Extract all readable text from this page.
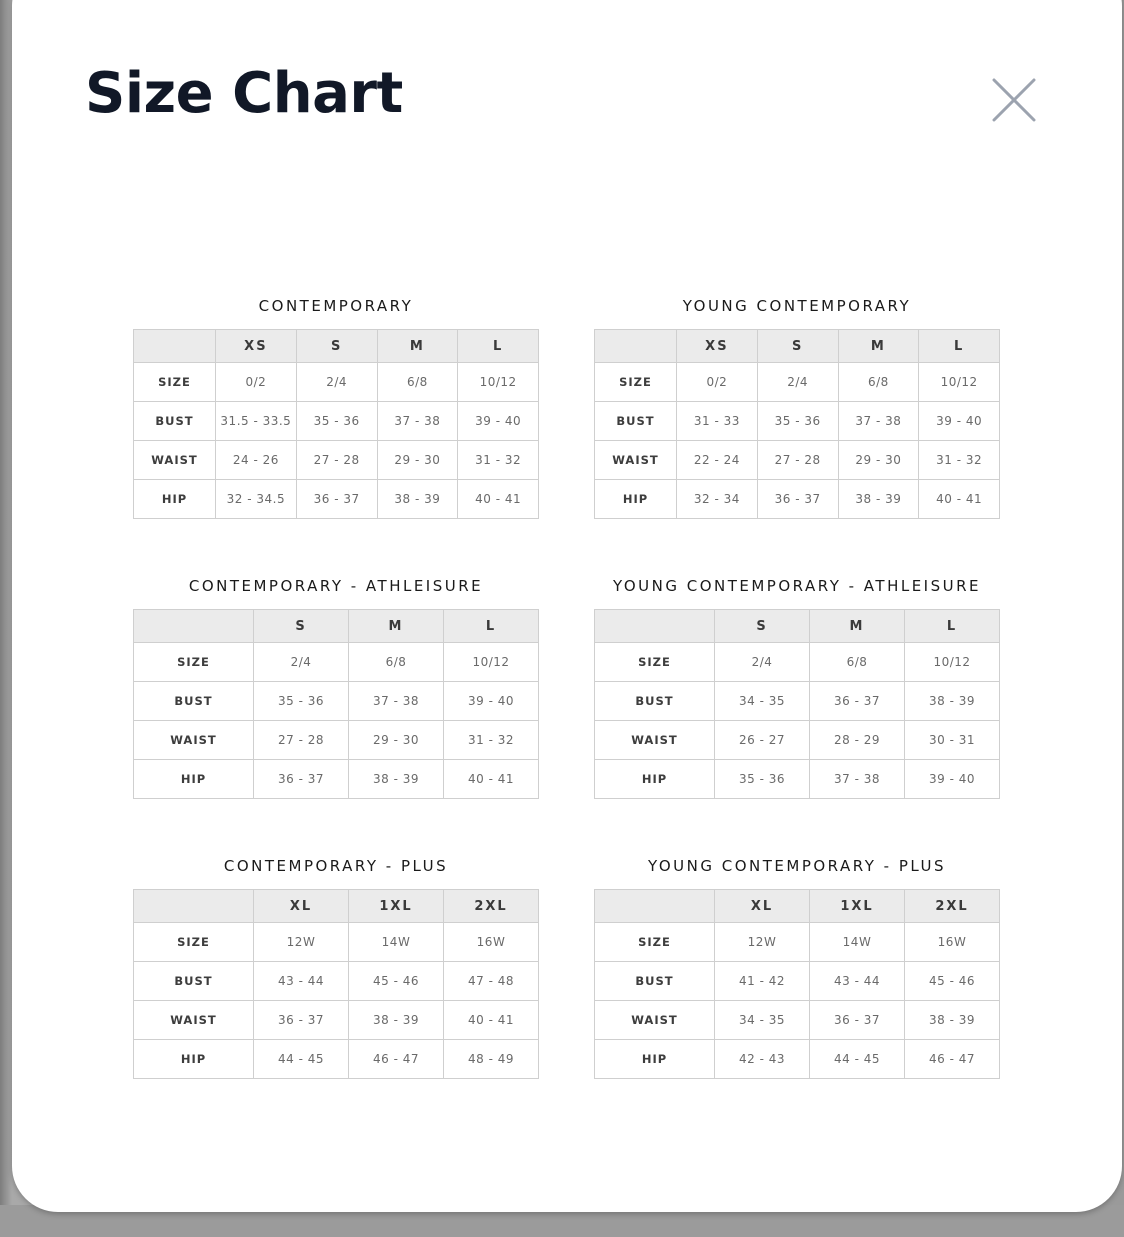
Size Chart
CONTEMPORARY
	XS	S	M	L
SIZE	0/2	2/4	6/8	10/12
BUST	31.5 - 33.5	35 - 36	37 - 38	39 - 40
WAIST	24 - 26	27 - 28	29 - 30	31 - 32
HIP	32 - 34.5	36 - 37	38 - 39	40 - 41
YOUNG CONTEMPORARY
	XS	S	M	L
SIZE	0/2	2/4	6/8	10/12
BUST	31 - 33	35 - 36	37 - 38	39 - 40
WAIST	22 - 24	27 - 28	29 - 30	31 - 32
HIP	32 - 34	36 - 37	38 - 39	40 - 41
CONTEMPORARY - ATHLEISURE
	S	M	L
SIZE	2/4	6/8	10/12
BUST	35 - 36	37 - 38	39 - 40
WAIST	27 - 28	29 - 30	31 - 32
HIP	36 - 37	38 - 39	40 - 41
YOUNG CONTEMPORARY - ATHLEISURE
	S	M	L
SIZE	2/4	6/8	10/12
BUST	34 - 35	36 - 37	38 - 39
WAIST	26 - 27	28 - 29	30 - 31
HIP	35 - 36	37 - 38	39 - 40
CONTEMPORARY - PLUS
	XL	1XL	2XL
SIZE	12W	14W	16W
BUST	43 - 44	45 - 46	47 - 48
WAIST	36 - 37	38 - 39	40 - 41
HIP	44 - 45	46 - 47	48 - 49
YOUNG CONTEMPORARY - PLUS
	XL	1XL	2XL
SIZE	12W	14W	16W
BUST	41 - 42	43 - 44	45 - 46
WAIST	34 - 35	36 - 37	38 - 39
HIP	42 - 43	44 - 45	46 - 47
